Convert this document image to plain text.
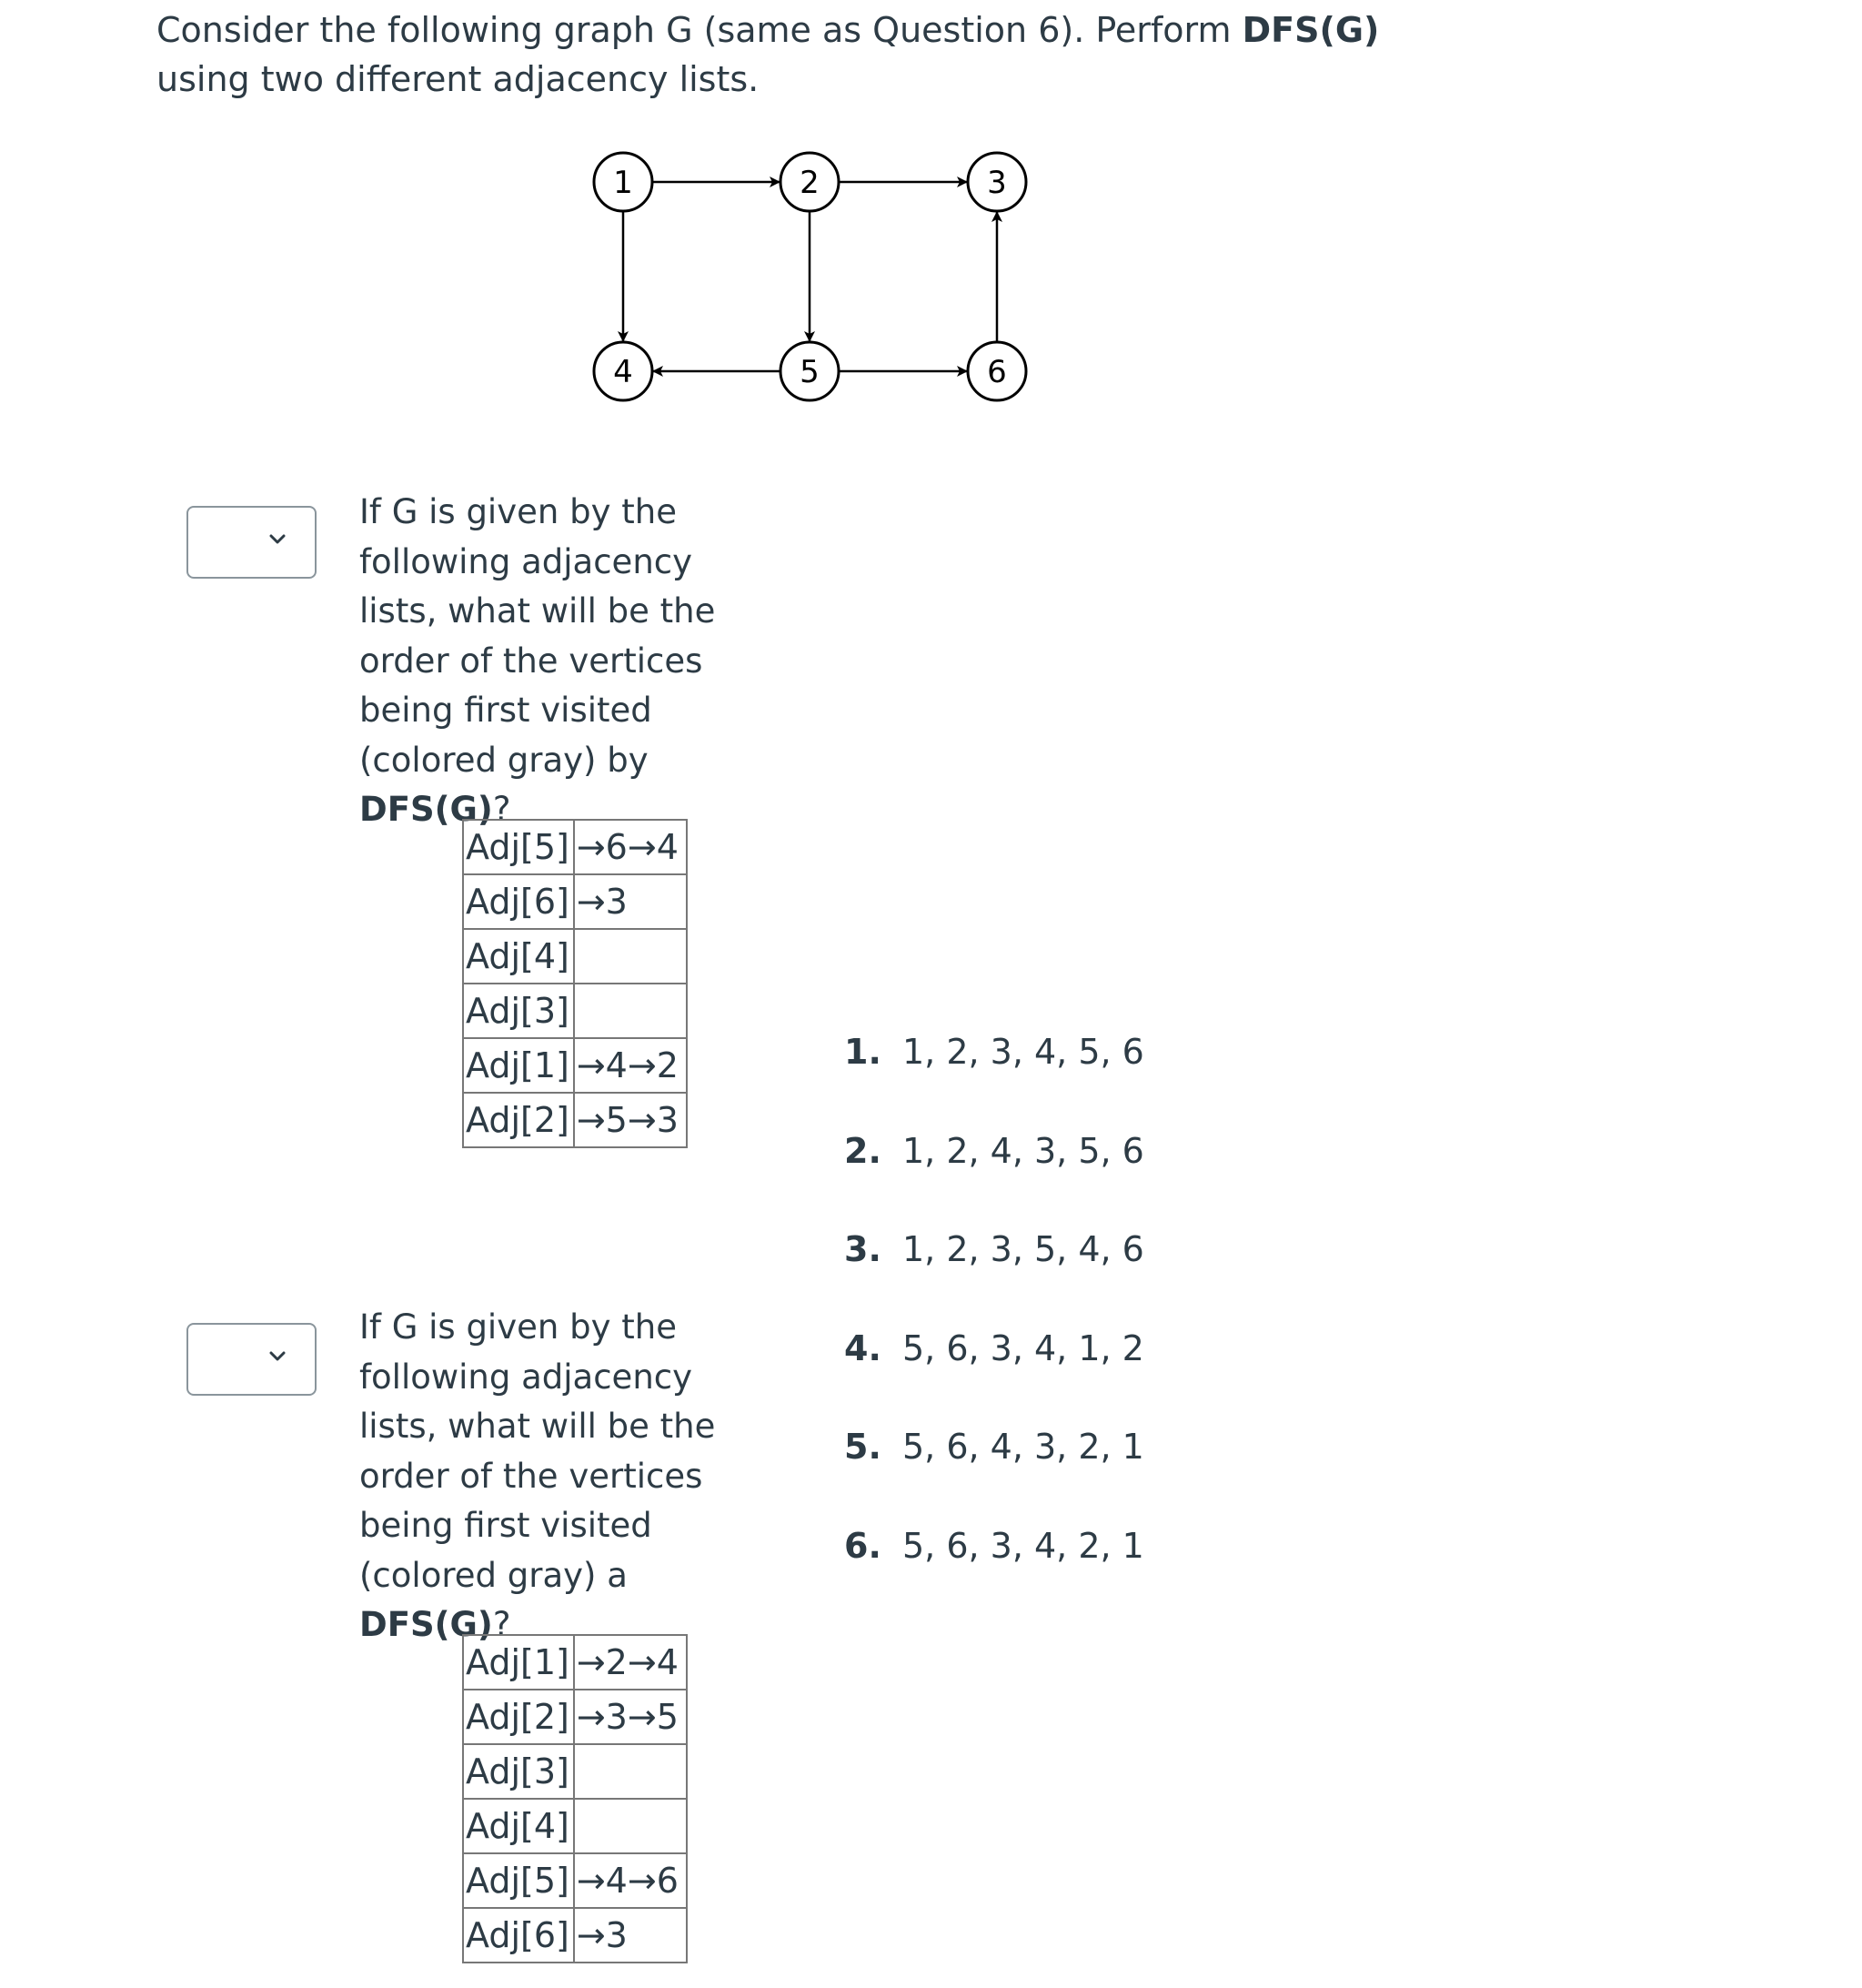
Consider the following graph G (same as Question 6). Perform DFS(G) using two different adjacency lists.

1	2	3
4	5	6
If G is given by the following adjacency lists, what will be the order of the vertices being first visited (colored gray) by DFS(G)?
Adj[5]	→6→4
Adj[6]	→3
Adj[4]	
Adj[3]	
Adj[1]	→4→2
Adj[2]	→5→3
If G is given by the following adjacency lists, what will be the order of the vertices being first visited (colored gray) a DFS(G)?
Adj[1]	→2→4
Adj[2]	→3→5
Adj[3]	
Adj[4]	
Adj[5]	→4→6
Adj[6]	→3
1. 1, 2, 3, 4, 5, 6
2. 1, 2, 4, 3, 5, 6
3. 1, 2, 3, 5, 4, 6
4. 5, 6, 3, 4, 1, 2
5. 5, 6, 4, 3, 2, 1
6. 5, 6, 3, 4, 2, 1
